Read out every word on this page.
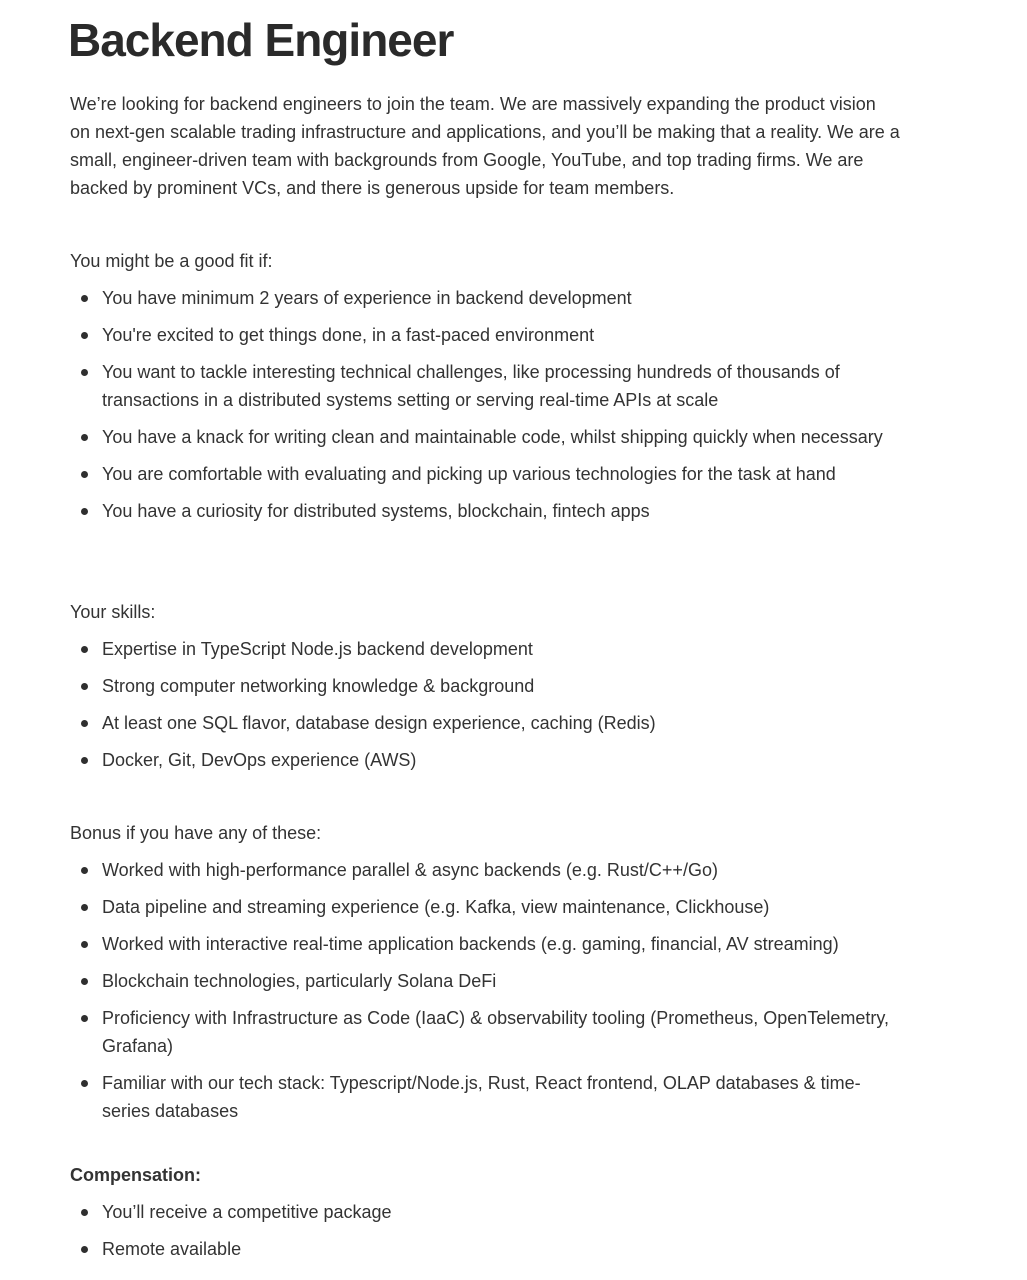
Backend Engineer

We’re looking for backend engineers to join the team. We are massively expanding the product vision on next-gen scalable trading infrastructure and applications, and you’ll be making that a reality. We are a small, engineer-driven team with backgrounds from Google, YouTube, and top trading firms. We are backed by prominent VCs, and there is generous upside for team members.

You might be a good fit if:

You have minimum 2 years of experience in backend development
You're excited to get things done, in a fast-paced environment
You want to tackle interesting technical challenges, like processing hundreds of thousands of transactions in a distributed systems setting or serving real-time APIs at scale
You have a knack for writing clean and maintainable code, whilst shipping quickly when necessary
You are comfortable with evaluating and picking up various technologies for the task at hand
You have a curiosity for distributed systems, blockchain, fintech apps

Your skills:

Expertise in TypeScript Node.js backend development
Strong computer networking knowledge & background
At least one SQL flavor, database design experience, caching (Redis)
Docker, Git, DevOps experience (AWS)

Bonus if you have any of these:

Worked with high-performance parallel & async backends (e.g. Rust/C++/Go)
Data pipeline and streaming experience (e.g. Kafka, view maintenance, Clickhouse)
Worked with interactive real-time application backends (e.g. gaming, financial, AV streaming)
Blockchain technologies, particularly Solana DeFi
Proficiency with Infrastructure as Code (IaaC) & observability tooling (Prometheus, OpenTelemetry, Grafana)
Familiar with our tech stack: Typescript/Node.js, Rust, React frontend, OLAP databases & time-series databases

Compensation:

You’ll receive a competitive package
Remote available
